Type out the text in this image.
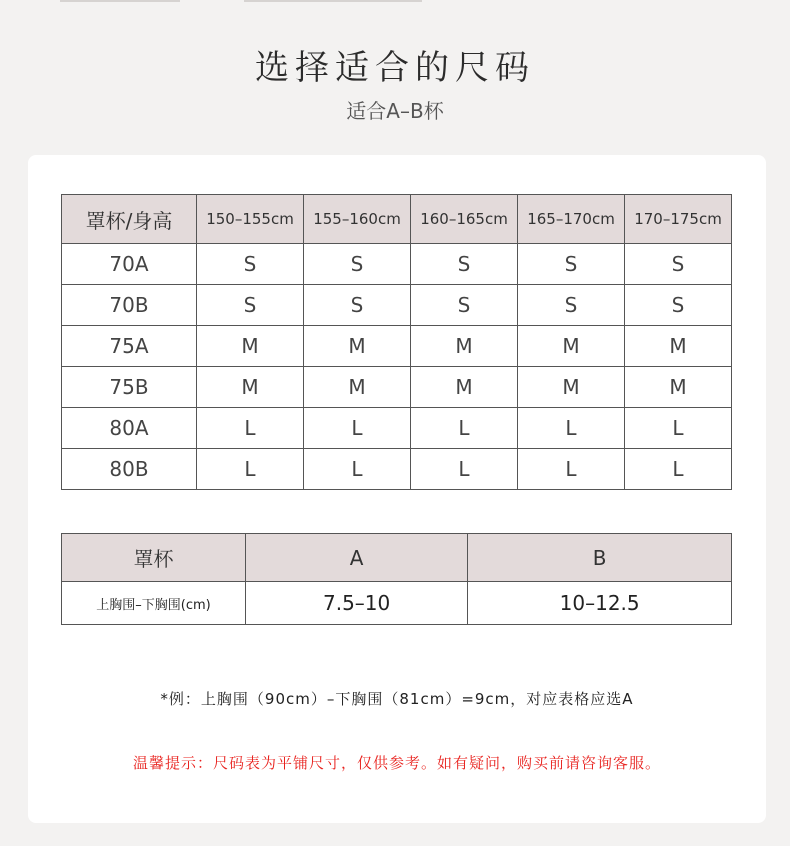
选择适合的尺码
适合A–B杯
罩杯/身高	150–155cm	155–160cm	160–165cm	165–170cm	170–175cm
70A	S	S	S	S	S
70B	S	S	S	S	S
75A	M	M	M	M	M
75B	M	M	M	M	M
80A	L	L	L	L	L
80B	L	L	L	L	L
罩杯	A	B
上胸围–下胸围(cm)	7.5–10	10–12.5
*例：上胸围（90cm）–下胸围（81cm）=9cm，对应表格应选A
温馨提示：尺码表为平铺尺寸，仅供参考。如有疑问，购买前请咨询客服。
